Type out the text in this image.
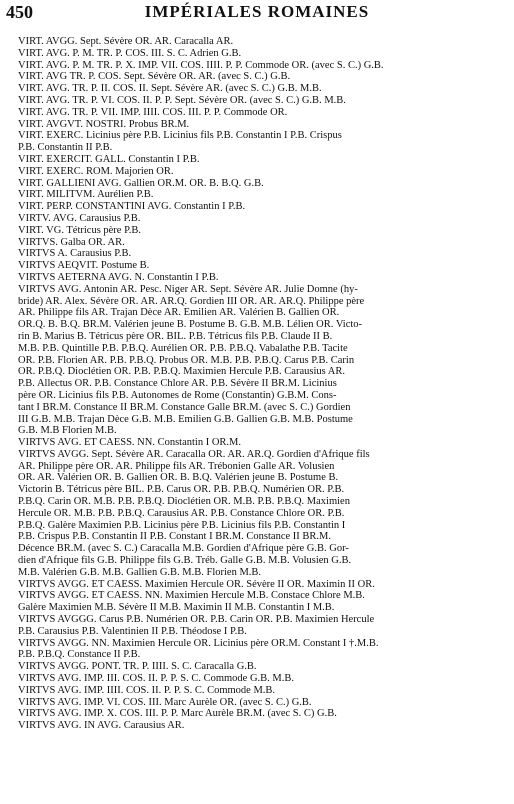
450	IMPÉRIALES ROMAINES
VIRT. AVGG. Sept. Sévère OR. AR. Caracalla AR.
VIRT. AVG. P. M. TR. P. COS. III. S. C. Adrien G.B.
VIRT. AVG. P. M. TR. P. X. IMP. VII. COS. IIII. P. P. Commode OR. (avec S. C.) G.B.
VIRT. AVG TR. P. COS. Sept. Sévère OR. AR. (avec S. C.) G.B.
VIRT. AVG. TR. P. II. COS. II. Sept. Sévère AR. (avec S. C.) G.B. M.B.
VIRT. AVG. TR. P. VI. COS. II. P. P. Sept. Sévère OR. (avec S. C.) G.B. M.B.
VIRT. AVG. TR. P. VII. IMP. IIII. COS. III. P. P. Commode OR.
VIRT. AVGVT. NOSTRI. Probus BR.M.
VIRT. EXERC. Licinius père P.B. Licinius fils P.B. Constantin I P.B. Crispus
P.B. Constantin II P.B.
VIRT. EXERCIT. GALL. Constantin I P.B.
VIRT. EXERC. ROM. Majorien OR.
VIRT. GALLIENI AVG. Gallien OR.M. OR. B. B.Q. G.B.
VIRT. MILITVM. Aurélien P.B.
VIRT. PERP. CONSTANTINI AVG. Constantin I P.B.
VIRTV. AVG. Carausius P.B.
VIRT. VG. Tétricus père P.B.
VIRTVS. Galba OR. AR.
VIRTVS A. Carausius P.B.
VIRTVS AEQVIT. Postume B.
VIRTVS AETERNA AVG. N. Constantin I P.B.
VIRTVS AVG. Antonin AR. Pesc. Niger AR. Sept. Sévère AR. Julie Domne (hy-
bride) AR. Alex. Sévère OR. AR. AR.Q. Gordien III OR. AR. AR.Q. Philippe père
AR. Philippe fils AR. Trajan Dèce AR. Emilien AR. Valérien B. Gallien OR.
OR.Q. B. B.Q. BR.M. Valérien jeune B. Postume B. G.B. M.B. Lélien OR. Victo-
rin B. Marius B. Tétricus père OR. BIL. P.B. Tétricus fils P.B. Claude II B.
M.B. P.B. Quintille P.B. P.B.Q. Aurélien OR. P.B. P.B.Q. Vabalathe P.B. Tacite
OR. P.B. Florien AR. P.B. P.B.Q. Probus OR. M.B. P.B. P.B.Q. Carus P.B. Carin
OR. P.B.Q. Dioclétien OR. P.B. P.B.Q. Maximien Hercule P.B. Carausius AR.
P.B. Allectus OR. P.B. Constance Chlore AR. P.B. Sévère II BR.M. Licinius
père OR. Licinius fils P.B. Autonomes de Rome (Constantin) G.B.M. Cons-
tant I BR.M. Constance II BR.M. Constance Galle BR.M. (avec S. C.) Gordien
III G.B. M.B. Trajan Dèce G.B. M.B. Emilien G.B. Gallien G.B. M.B. Postume
G.B. M.B Florien M.B.
VIRTVS AVG. ET CAESS. NN. Constantin I OR.M.
VIRTVS AVGG. Sept. Sévère AR. Caracalla OR. AR. AR.Q. Gordien d'Afrique fils
AR. Philippe père OR. AR. Philippe fils AR. Trébonien Galle AR. Volusien
OR. AR. Valérien OR. B. Gallien OR. B. B.Q. Valérien jeune B. Postume B.
Victorin B. Tétricus père BIL. P.B. Carus OR. P.B. P.B.Q. Numérien OR. P.B.
P.B.Q. Carin OR. M.B. P.B. P.B.Q. Dioclétien OR. M.B. P.B. P.B.Q. Maximien
Hercule OR. M.B. P.B. P.B.Q. Carausius AR. P.B. Constance Chlore OR. P.B.
P.B.Q. Galère Maximien P.B. Licinius père P.B. Licinius fils P.B. Constantin I
P.B. Crispus P.B. Constantin II P.B. Constant I BR.M. Constance II BR.M.
Décence BR.M. (avec S. C.) Caracalla M.B. Gordien d'Afrique père G.B. Gor-
dien d'Afrique fils G.B. Philippe fils G.B. Tréb. Galle G.B. M.B. Volusien G.B.
M.B. Valérien G.B. M.B. Gallien G.B. M.B. Florien M.B.
VIRTVS AVGG. ET CAESS. Maximien Hercule OR. Sévère II OR. Maximin II OR.
VIRTVS AVGG. ET CAESS. NN. Maximien Hercule M.B. Constace Chlore M.B.
Galère Maximien M.B. Sévère II M.B. Maximin II M.B. Constantin I M.B.
VIRTVS AVGGG. Carus P.B. Numérien OR. P.B. Carin OR. P.B. Maximien Hercule
P.B. Carausius P.B. Valentinien II P.B. Théodose I P.B.
VIRTVS AVGG. NN. Maximien Hercule OR. Licinius père OR.M. Constant I †.M.B.
P.B. P.B.Q. Constance II P.B.
VIRTVS AVGG. PONT. TR. P. IIII. S. C. Caracalla G.B.
VIRTVS AVG. IMP. III. COS. II. P. P. S. C. Commode G.B. M.B.
VIRTVS AVG. IMP. IIII. COS. II. P. P. S. C. Commode M.B.
VIRTVS AVG. IMP. VI. COS. III. Marc Aurèle OR. (avec S. C.) G.B.
VIRTVS AVG. IMP. X. COS. III. P. P. Marc Aurèle BR.M. (avec S. C) G.B.
VIRTVS AVG. IN AVG. Carausius AR.
